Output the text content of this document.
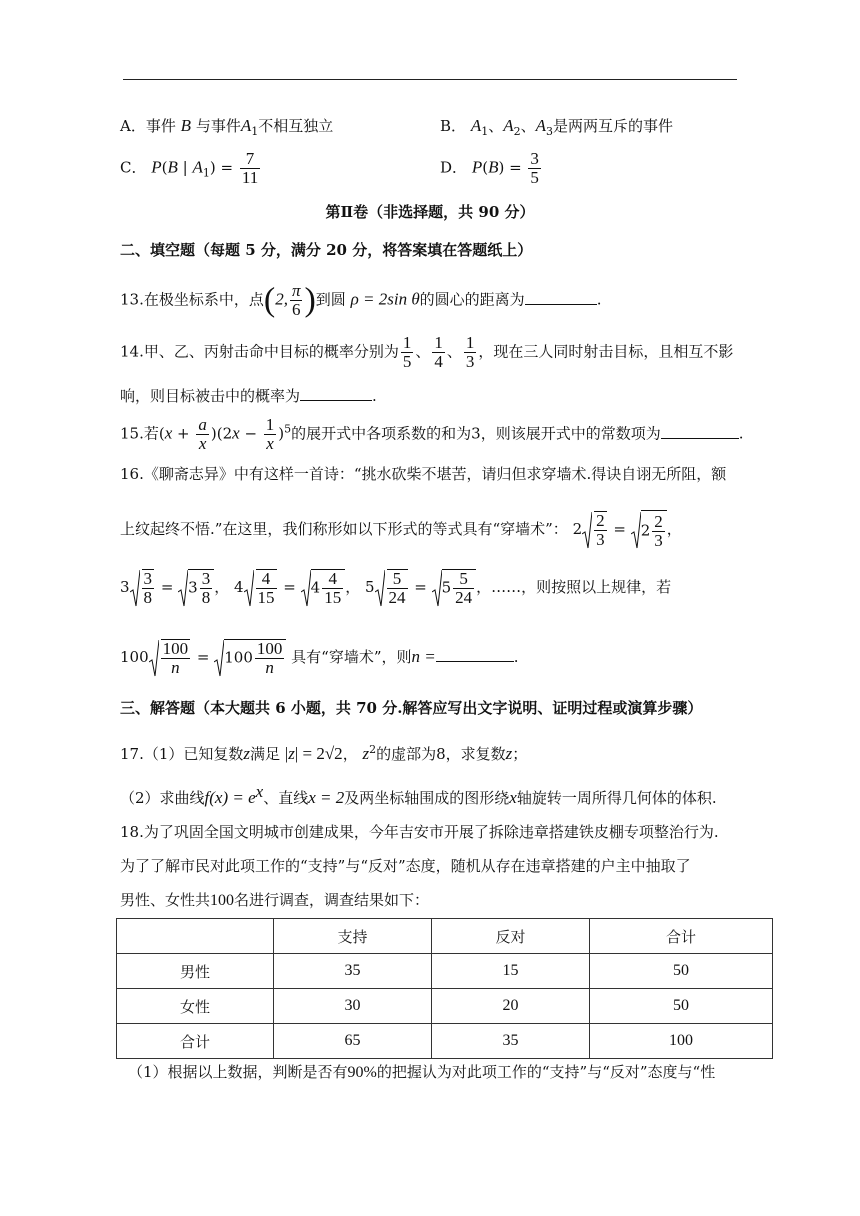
A．事件 B 与事件$A_1$不相互独立	B． $A_1$、$A_2$、$A_3$是两两互斥的事件
C． P(B | $A_1) = \frac{7}{11}$	D． $P(B) = \frac{3}{5}$
第Ⅱ卷（非选择题，共 90 分）
二、填空题（每题 5 分，满分 20 分，将答案填在答题纸上）
13.在极坐标系中，点(2, $\frac{\pi}{6}$ )到圆 ρ = 2sin θ的圆心的距离为	.
14.甲、乙、丙射击命中目标的概率分别为 $\frac{1}{5}$ 、 $\frac{1}{4}$ 、 $\frac{1}{3}$ ，现在三人同时射击目标，且相互不影
响，则目标被击中的概率为	.
15.若$(x + \frac{a}{x} )(2x - \frac{1}{x} )^5$的展开式中各项系数的和为3，则该展开式中的常数项为	.
16.《聊斋志异》中有这样一首诗：“挑水砍柴不堪苦，请归但求穿墙术.得诀自诩无所阻，额
上纹起终不悟.”在这里，我们称形如以下形式的等式具有“穿墙术”： $2 \frac{2}{3} = 2 \frac{2}{3}$ ，
$3 \frac{3}{8} = 3 \frac{3}{8}$ ， $4 \frac{4}{15} = 4 \frac{4}{15}$ ， $5 \frac{5}{24} = 5 \frac{5}{24}$ ，……，则按照以上规律，若
$100 \frac{100}{n} = 100 \frac{100}{n}$ 具有“穿墙术”，则n =	.
三、解答题（本大题共 6 小题，共 70 分.解答应写出文字说明、证明过程或演算步骤）
17.（1）已知复数z满足 |z| = 2√2， $z^2$的虚部为8，求复数z；
（2）求曲线$f(x) = e^x$、直线x = 2及两坐标轴围成的图形绕x轴旋转一周所得几何体的体积.
18.为了巩固全国文明城市创建成果，今年吉安市开展了拆除违章搭建铁皮棚专项整治行为.
为了了解市民对此项工作的“支持”与“反对”态度，随机从存在违章搭建的户主中抽取了
男性、女性共100名进行调查，调查结果如下：
	支持	反对	合计
男性	35	15	50
女性	30	20	50
合计	65	35	100
（1）根据以上数据，判断是否有90%的把握认为对此项工作的“支持”与“反对”态度与“性
